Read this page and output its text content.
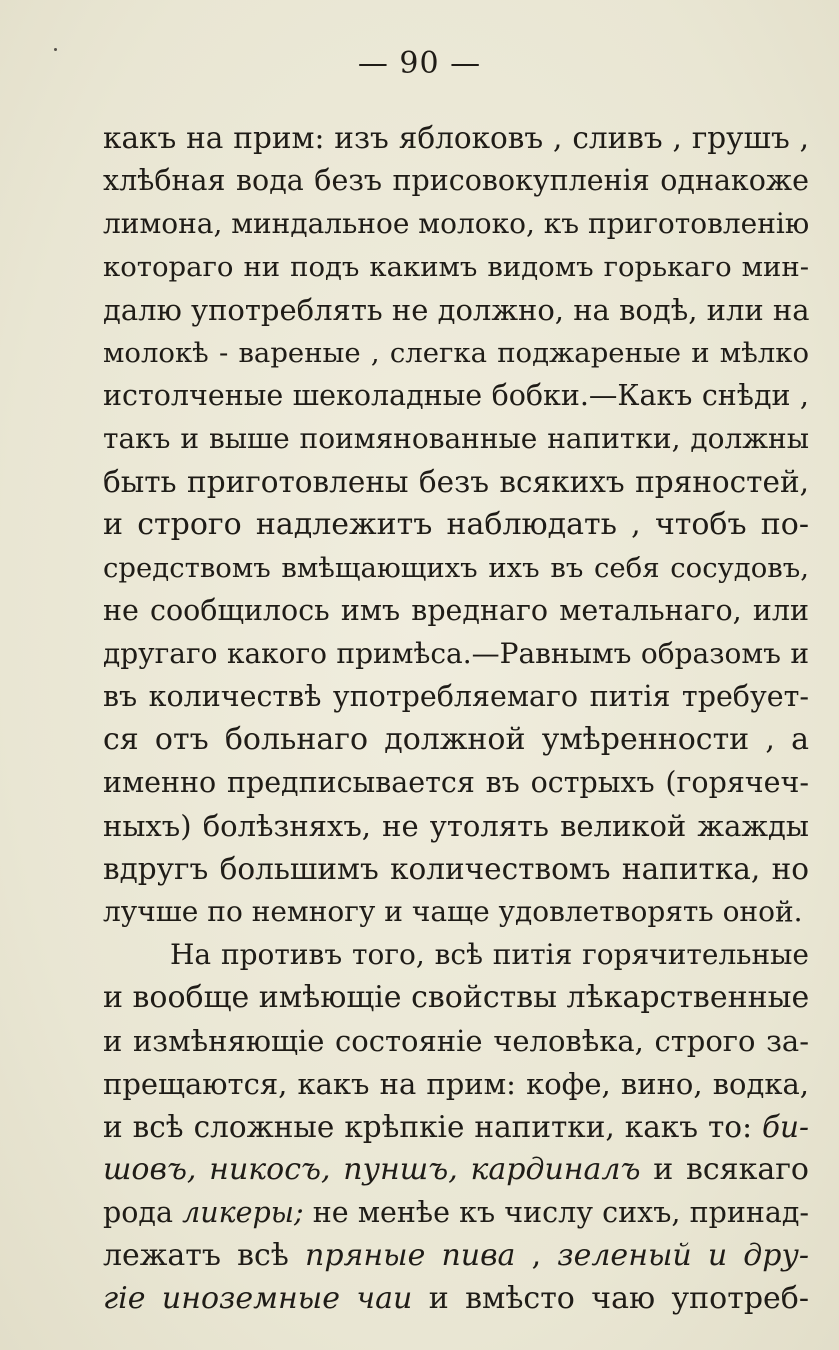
— 90 —
какъ на прим: изъ яблоковъ , сливъ , грушъ ,
хлѣбная вода безъ присовокупленія однакоже
лимона, миндальное молоко, къ приготовленію
котораго ни подъ какимъ видомъ горькаго мин-
далю употреблять не должно, на водѣ, или на
молокѣ - вареные , слегка поджареные и мѣлко
истолченые шеколадные бобки.—Какъ снѣди ,
такъ и выше поимянованные напитки, должны
быть приготовлены безъ всякихъ пряностей,
и строго надлежитъ наблюдать , чтобъ по-
средствомъ вмѣщающихъ ихъ въ себя сосудовъ,
не сообщилось имъ вреднаго метальнаго, или
другаго какого примѣса.—Равнымъ образомъ и
въ количествѣ употребляемаго питія требует-
ся отъ больнаго должной умѣренности , а
именно предписывается въ острыхъ (горячеч-
ныхъ) болѣзняхъ, не утолять великой жажды
вдругъ большимъ количествомъ напитка, но
лучше по немногу и чаще удовлетворять оной.
На противъ того, всѣ питія горячительные
и вообще имѣющіе свойствы лѣкарственные
и измѣняющіе состояніе человѣка, строго за-
прещаются, какъ на прим: кофе, вино, водка,
и всѣ сложные крѣпкіе напитки, какъ то: би-
шовъ, никосъ, пуншъ, кардиналъ и всякаго
рода ликеры; не менѣе къ числу сихъ, принад-
лежатъ всѣ пряные пива , зеленый и дру-
гіе иноземные чаи и вмѣсто чаю употреб-
